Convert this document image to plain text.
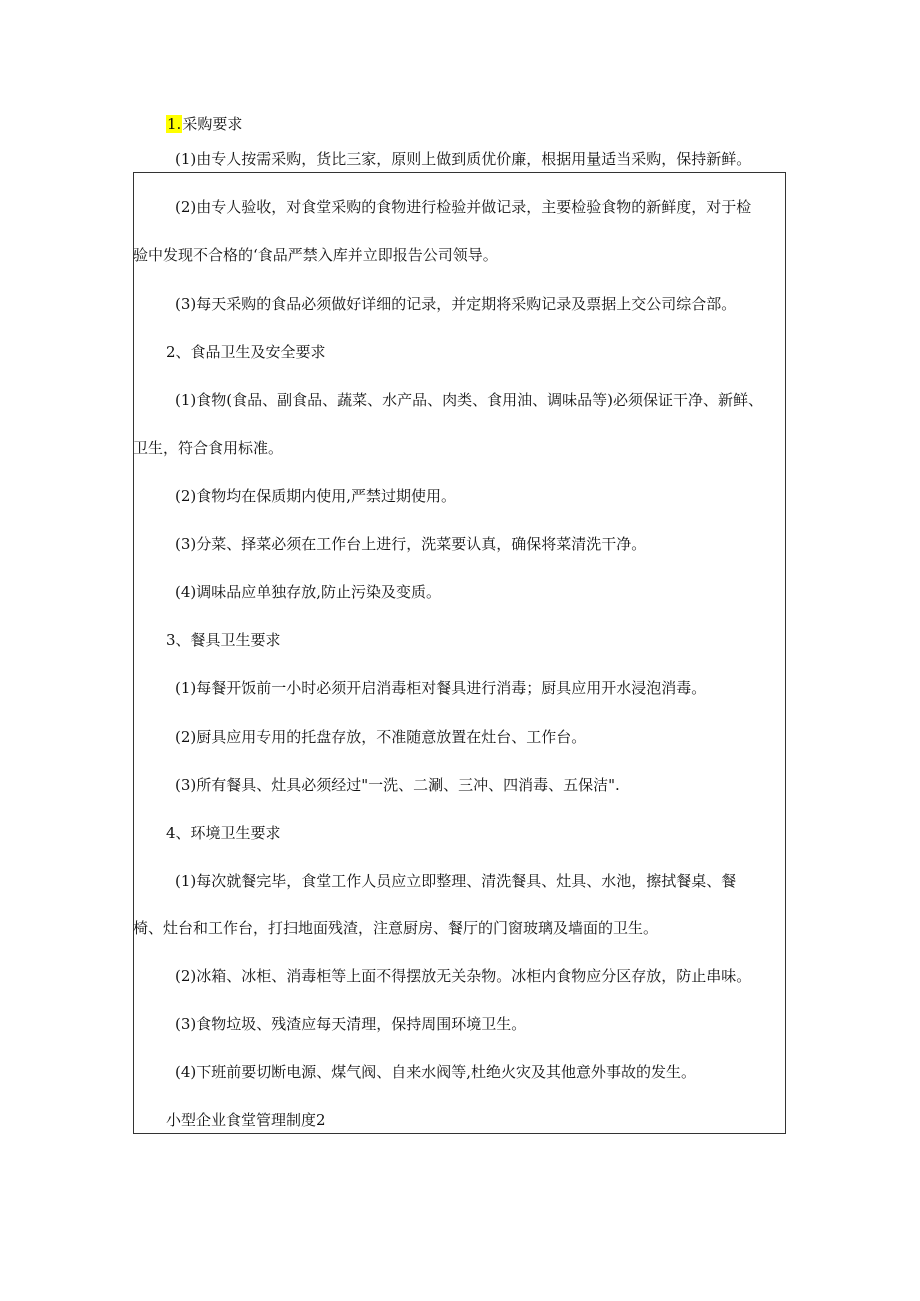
1.采购要求
(1)由专人按需采购，货比三家，原则上做到质优价廉，根据用量适当采购，保持新鲜。
(2)由专人验收，对食堂采购的食物进行检验并做记录，主要检验食物的新鲜度，对于检
验中发现不合格的‘食品严禁入库并立即报告公司领导。
(3)每天采购的食品必须做好详细的记录，并定期将采购记录及票据上交公司综合部。
2、食品卫生及安全要求
(1)食物(食品、副食品、蔬菜、水产品、肉类、食用油、调味品等)必须保证干净、新鲜、
卫生，符合食用标准。
(2)食物均在保质期内使用,严禁过期使用。
(3)分菜、择菜必须在工作台上进行，洗菜要认真，确保将菜清洗干净。
(4)调味品应单独存放,防止污染及变质。
3、餐具卫生要求
(1)每餐开饭前一小时必须开启消毒柜对餐具进行消毒；厨具应用开水浸泡消毒。
(2)厨具应用专用的托盘存放，不准随意放置在灶台、工作台。
(3)所有餐具、灶具必须经过"一洗、二涮、三冲、四消毒、五保洁".
4、环境卫生要求
(1)每次就餐完毕，食堂工作人员应立即整理、清洗餐具、灶具、水池，擦拭餐桌、餐
椅、灶台和工作台，打扫地面残渣，注意厨房、餐厅的门窗玻璃及墙面的卫生。
(2)冰箱、冰柜、消毒柜等上面不得摆放无关杂物。冰柜内食物应分区存放，防止串味。
(3)食物垃圾、残渣应每天清理，保持周围环境卫生。
(4)下班前要切断电源、煤气阀、自来水阀等,杜绝火灾及其他意外事故的发生。
小型企业食堂管理制度2
